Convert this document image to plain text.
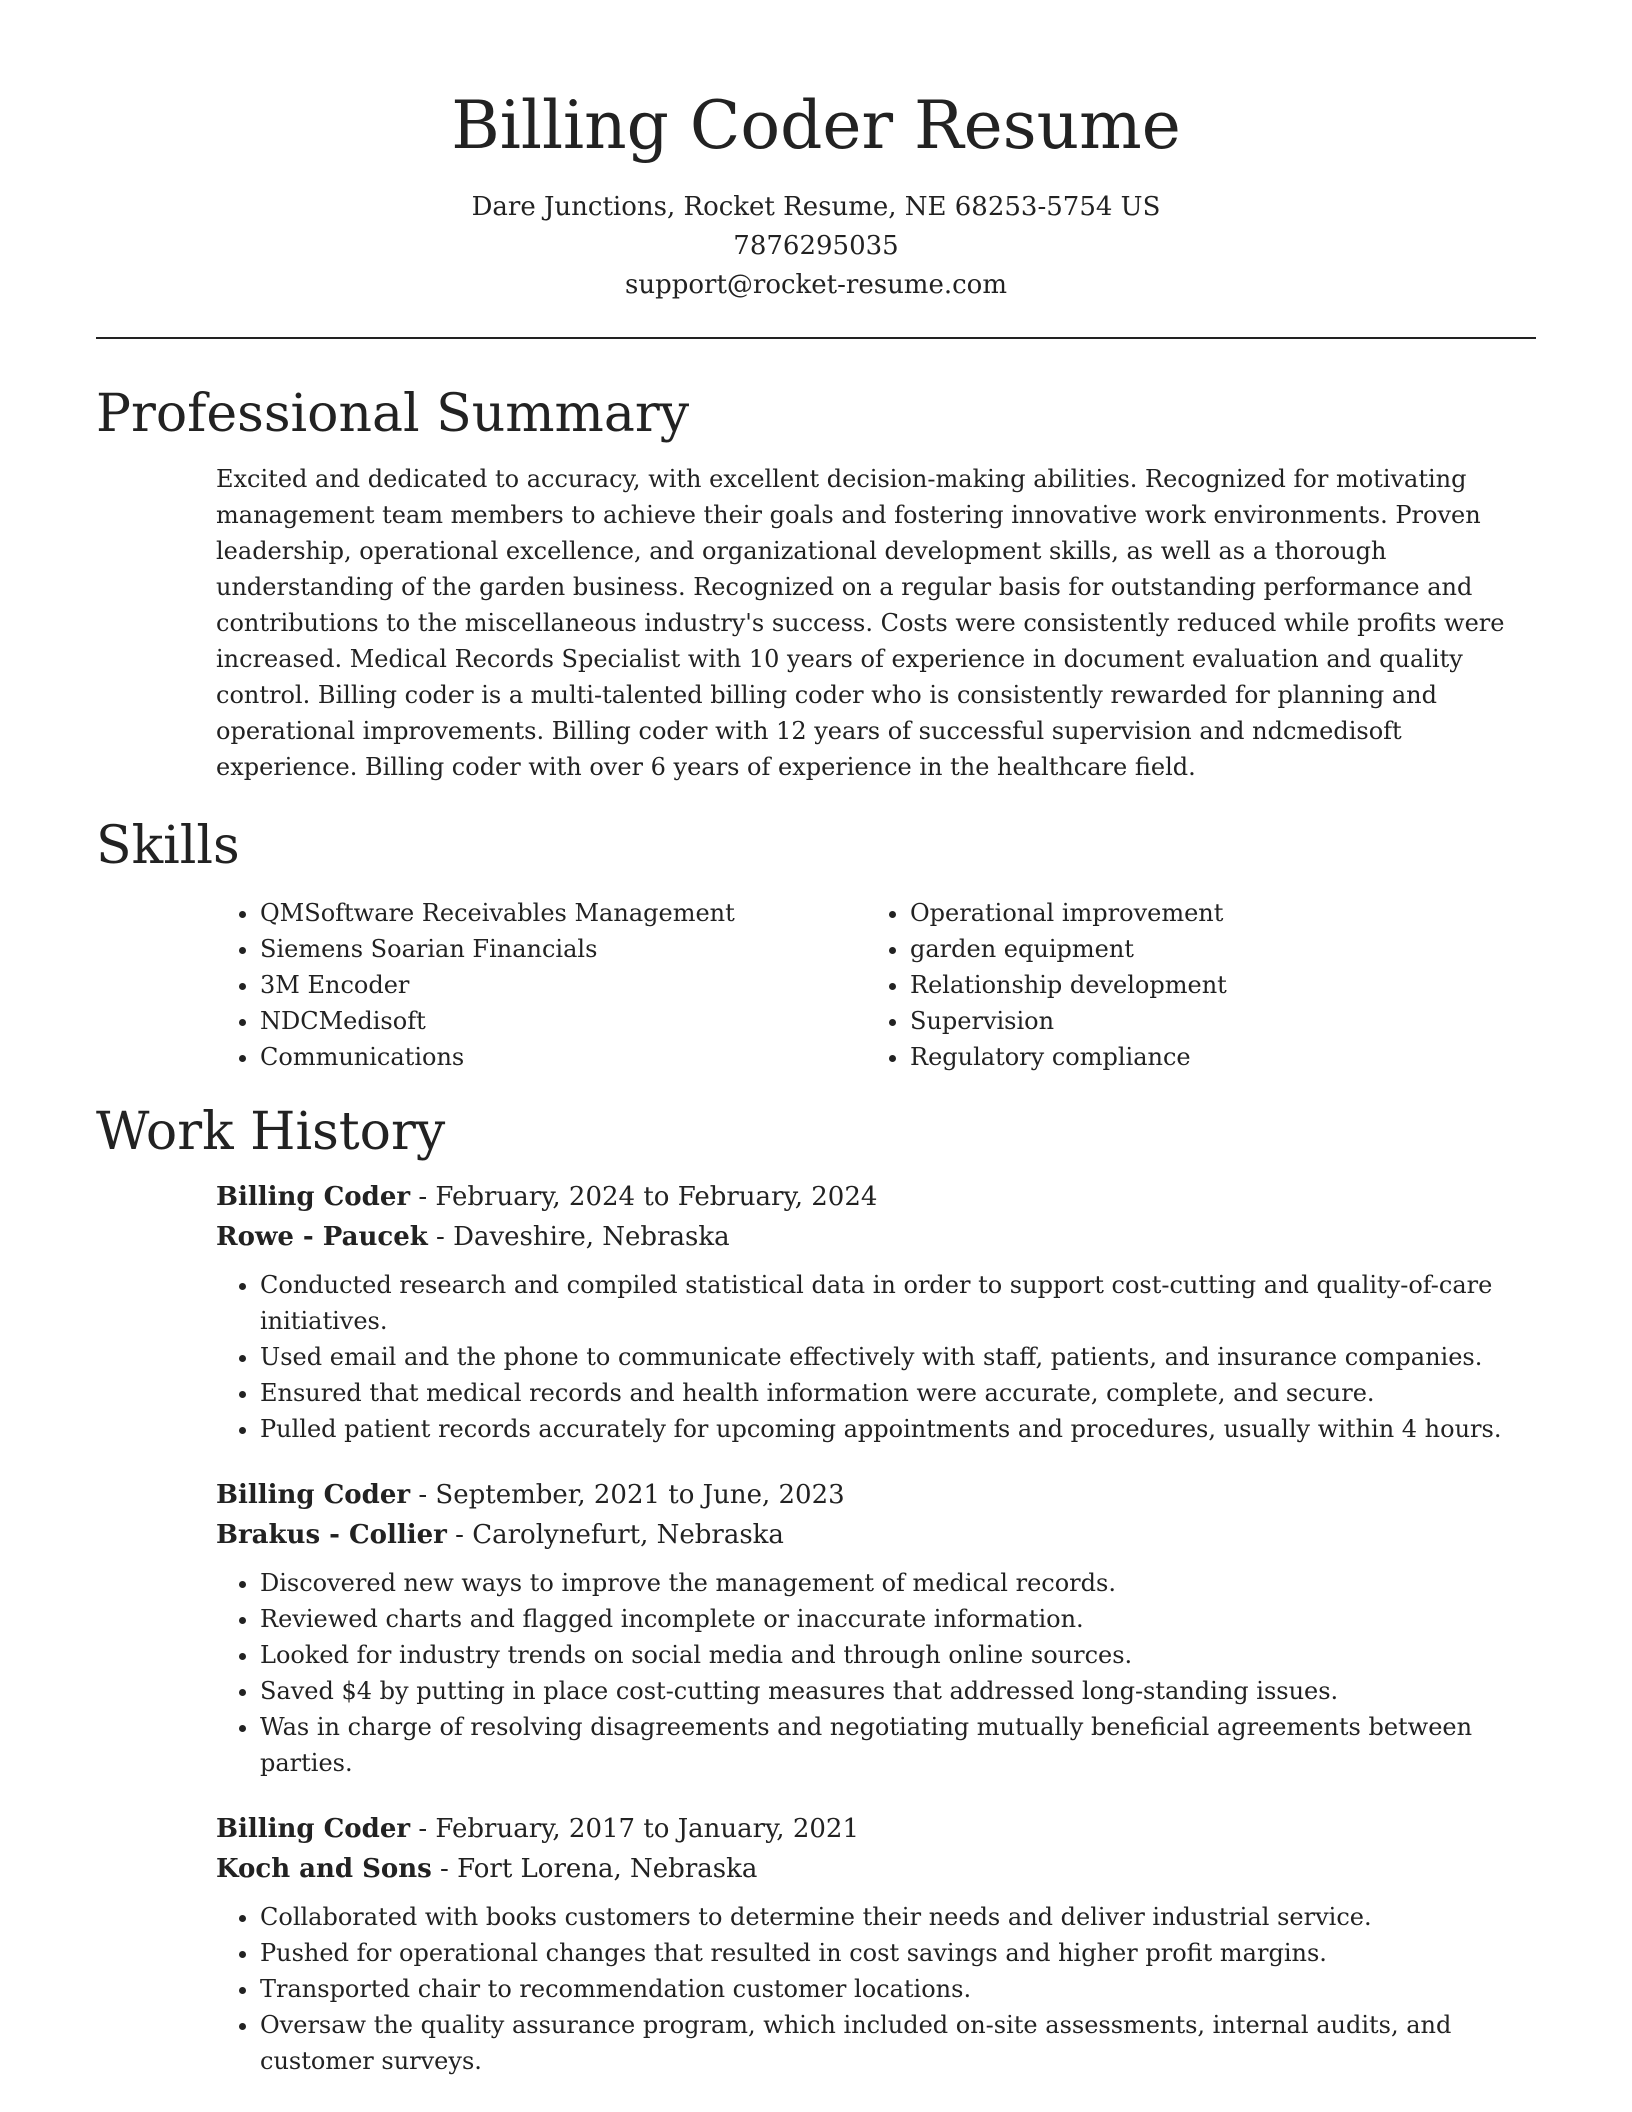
Billing Coder Resume
Dare Junctions, Rocket Resume, NE 68253-5754 US
7876295035
support@rocket-resume.com
Professional Summary
Excited and dedicated to accuracy, with excellent decision-making abilities. Recognized for motivating management team members to achieve their goals and fostering innovative work environments. Proven leadership, operational excellence, and organizational development skills, as well as a thorough understanding of the garden business. Recognized on a regular basis for outstanding performance and contributions to the miscellaneous industry's success. Costs were consistently reduced while profits were increased. Medical Records Specialist with 10 years of experience in document evaluation and quality control. Billing coder is a multi-talented billing coder who is consistently rewarded for planning and operational improvements. Billing coder with 12 years of successful supervision and ndcmedisoft experience. Billing coder with over 6 years of experience in the healthcare field.
Skills
• QMSoftware Receivables Management
• Siemens Soarian Financials
• 3M Encoder
• NDCMedisoft
• Communications
• Operational improvement
• garden equipment
• Relationship development
• Supervision
• Regulatory compliance
Work History
Billing Coder - February, 2024 to February, 2024
Rowe - Paucek - Daveshire, Nebraska
• Conducted research and compiled statistical data in order to support cost-cutting and quality-of-care initiatives.
• Used email and the phone to communicate effectively with staff, patients, and insurance companies.
• Ensured that medical records and health information were accurate, complete, and secure.
• Pulled patient records accurately for upcoming appointments and procedures, usually within 4 hours.
Billing Coder - September, 2021 to June, 2023
Brakus - Collier - Carolynefurt, Nebraska
• Discovered new ways to improve the management of medical records.
• Reviewed charts and flagged incomplete or inaccurate information.
• Looked for industry trends on social media and through online sources.
• Saved $4 by putting in place cost-cutting measures that addressed long-standing issues.
• Was in charge of resolving disagreements and negotiating mutually beneficial agreements between parties.
Billing Coder - February, 2017 to January, 2021
Koch and Sons - Fort Lorena, Nebraska
• Collaborated with books customers to determine their needs and deliver industrial service.
• Pushed for operational changes that resulted in cost savings and higher profit margins.
• Transported chair to recommendation customer locations.
• Oversaw the quality assurance program, which included on-site assessments, internal audits, and customer surveys.
